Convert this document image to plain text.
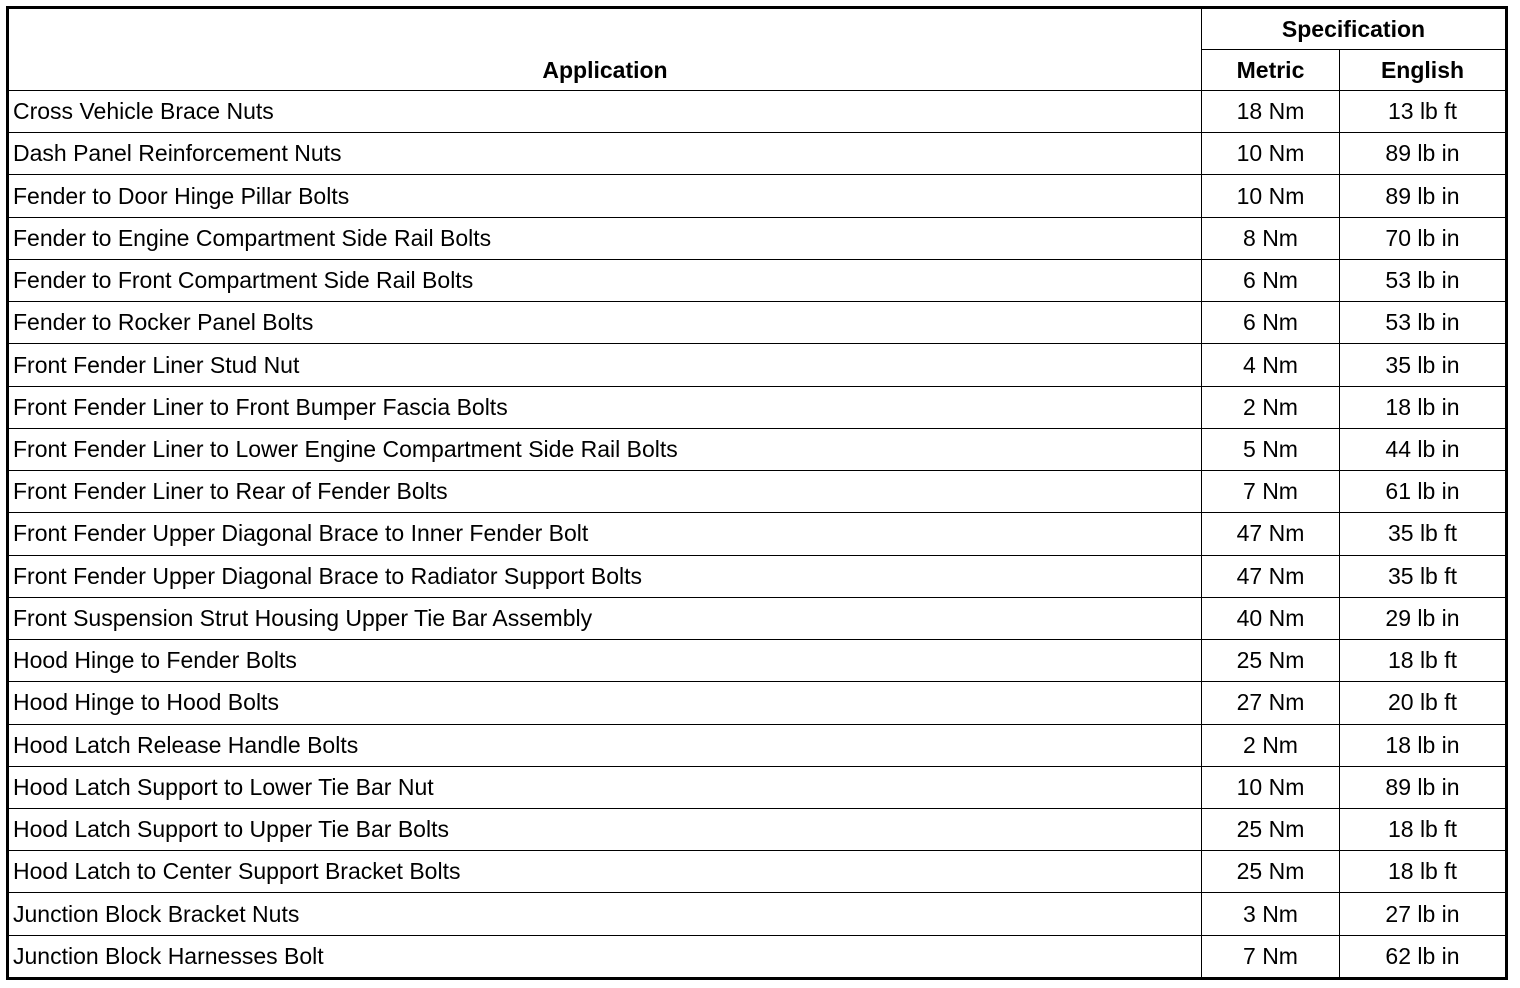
Application	Specification	
	Metric	English
Cross Vehicle Brace Nuts	18 Nm	13 lb ft
Dash Panel Reinforcement Nuts	10 Nm	89 lb in
Fender to Door Hinge Pillar Bolts	10 Nm	89 lb in
Fender to Engine Compartment Side Rail Bolts	8 Nm	70 lb in
Fender to Front Compartment Side Rail Bolts	6 Nm	53 lb in
Fender to Rocker Panel Bolts	6 Nm	53 lb in
Front Fender Liner Stud Nut	4 Nm	35 lb in
Front Fender Liner to Front Bumper Fascia Bolts	2 Nm	18 lb in
Front Fender Liner to Lower Engine Compartment Side Rail Bolts	5 Nm	44 lb in
Front Fender Liner to Rear of Fender Bolts	7 Nm	61 lb in
Front Fender Upper Diagonal Brace to Inner Fender Bolt	47 Nm	35 lb ft
Front Fender Upper Diagonal Brace to Radiator Support Bolts	47 Nm	35 lb ft
Front Suspension Strut Housing Upper Tie Bar Assembly	40 Nm	29 lb in
Hood Hinge to Fender Bolts	25 Nm	18 lb ft
Hood Hinge to Hood Bolts	27 Nm	20 lb ft
Hood Latch Release Handle Bolts	2 Nm	18 lb in
Hood Latch Support to Lower Tie Bar Nut	10 Nm	89 lb in
Hood Latch Support to Upper Tie Bar Bolts	25 Nm	18 lb ft
Hood Latch to Center Support Bracket Bolts	25 Nm	18 lb ft
Junction Block Bracket Nuts	3 Nm	27 lb in
Junction Block Harnesses Bolt	7 Nm	62 lb in
